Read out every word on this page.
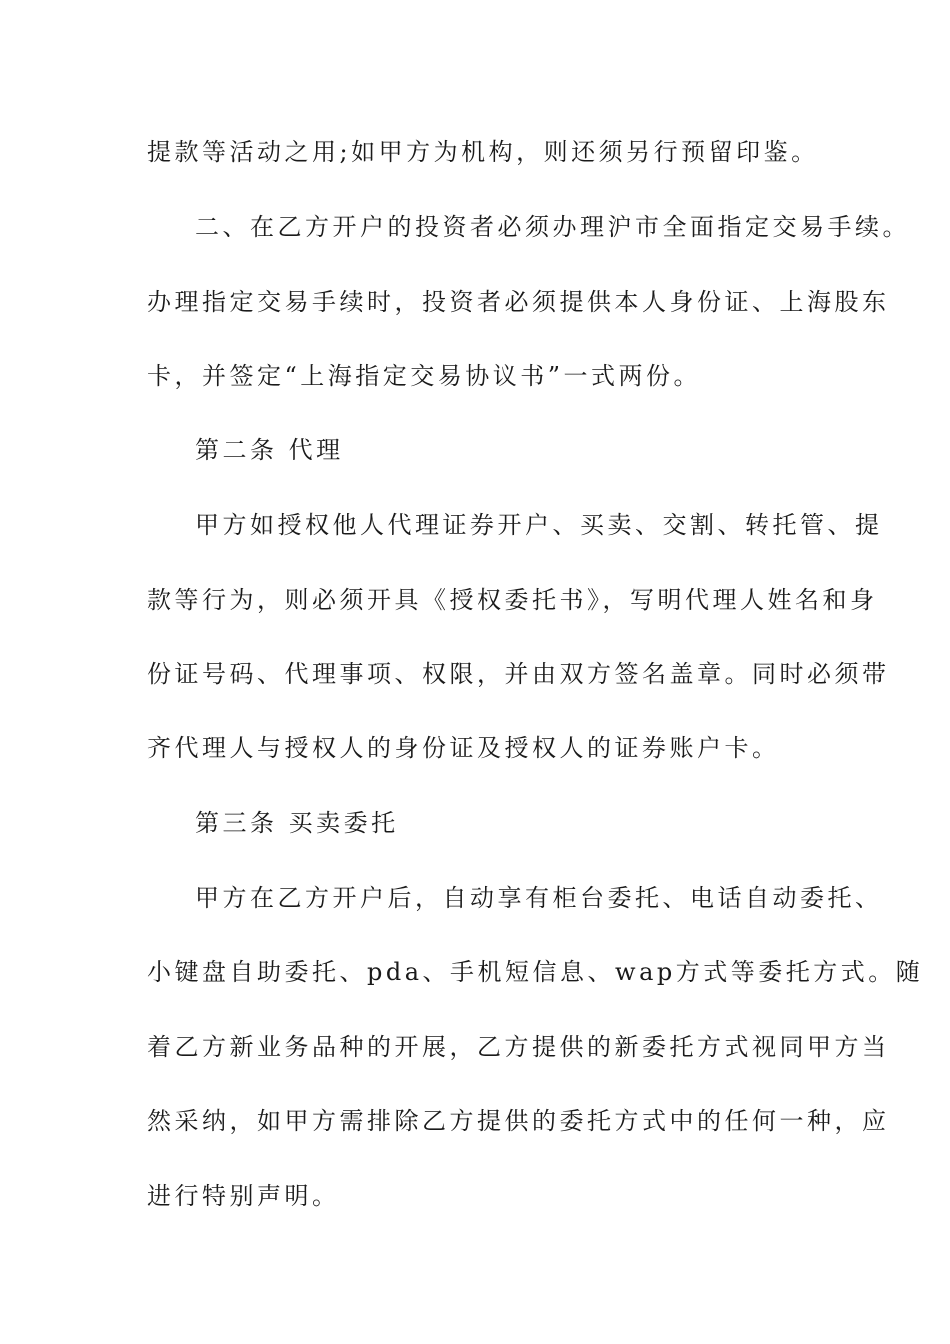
提款等活动之用;如甲方为机构，则还须另行预留印鉴。
二、在乙方开户的投资者必须办理沪市全面指定交易手续。
办理指定交易手续时，投资者必须提供本人身份证、上海股东
卡，并签定“上海指定交易协议书”一式两份。
第二条 代理
甲方如授权他人代理证券开户、买卖、交割、转托管、提
款等行为，则必须开具《授权委托书》，写明代理人姓名和身
份证号码、代理事项、权限，并由双方签名盖章。同时必须带
齐代理人与授权人的身份证及授权人的证券账户卡。
第三条 买卖委托
甲方在乙方开户后，自动享有柜台委托、电话自动委托、
小键盘自助委托、pda、手机短信息、wap方式等委托方式。随
着乙方新业务品种的开展，乙方提供的新委托方式视同甲方当
然采纳，如甲方需排除乙方提供的委托方式中的任何一种，应
进行特别声明。
